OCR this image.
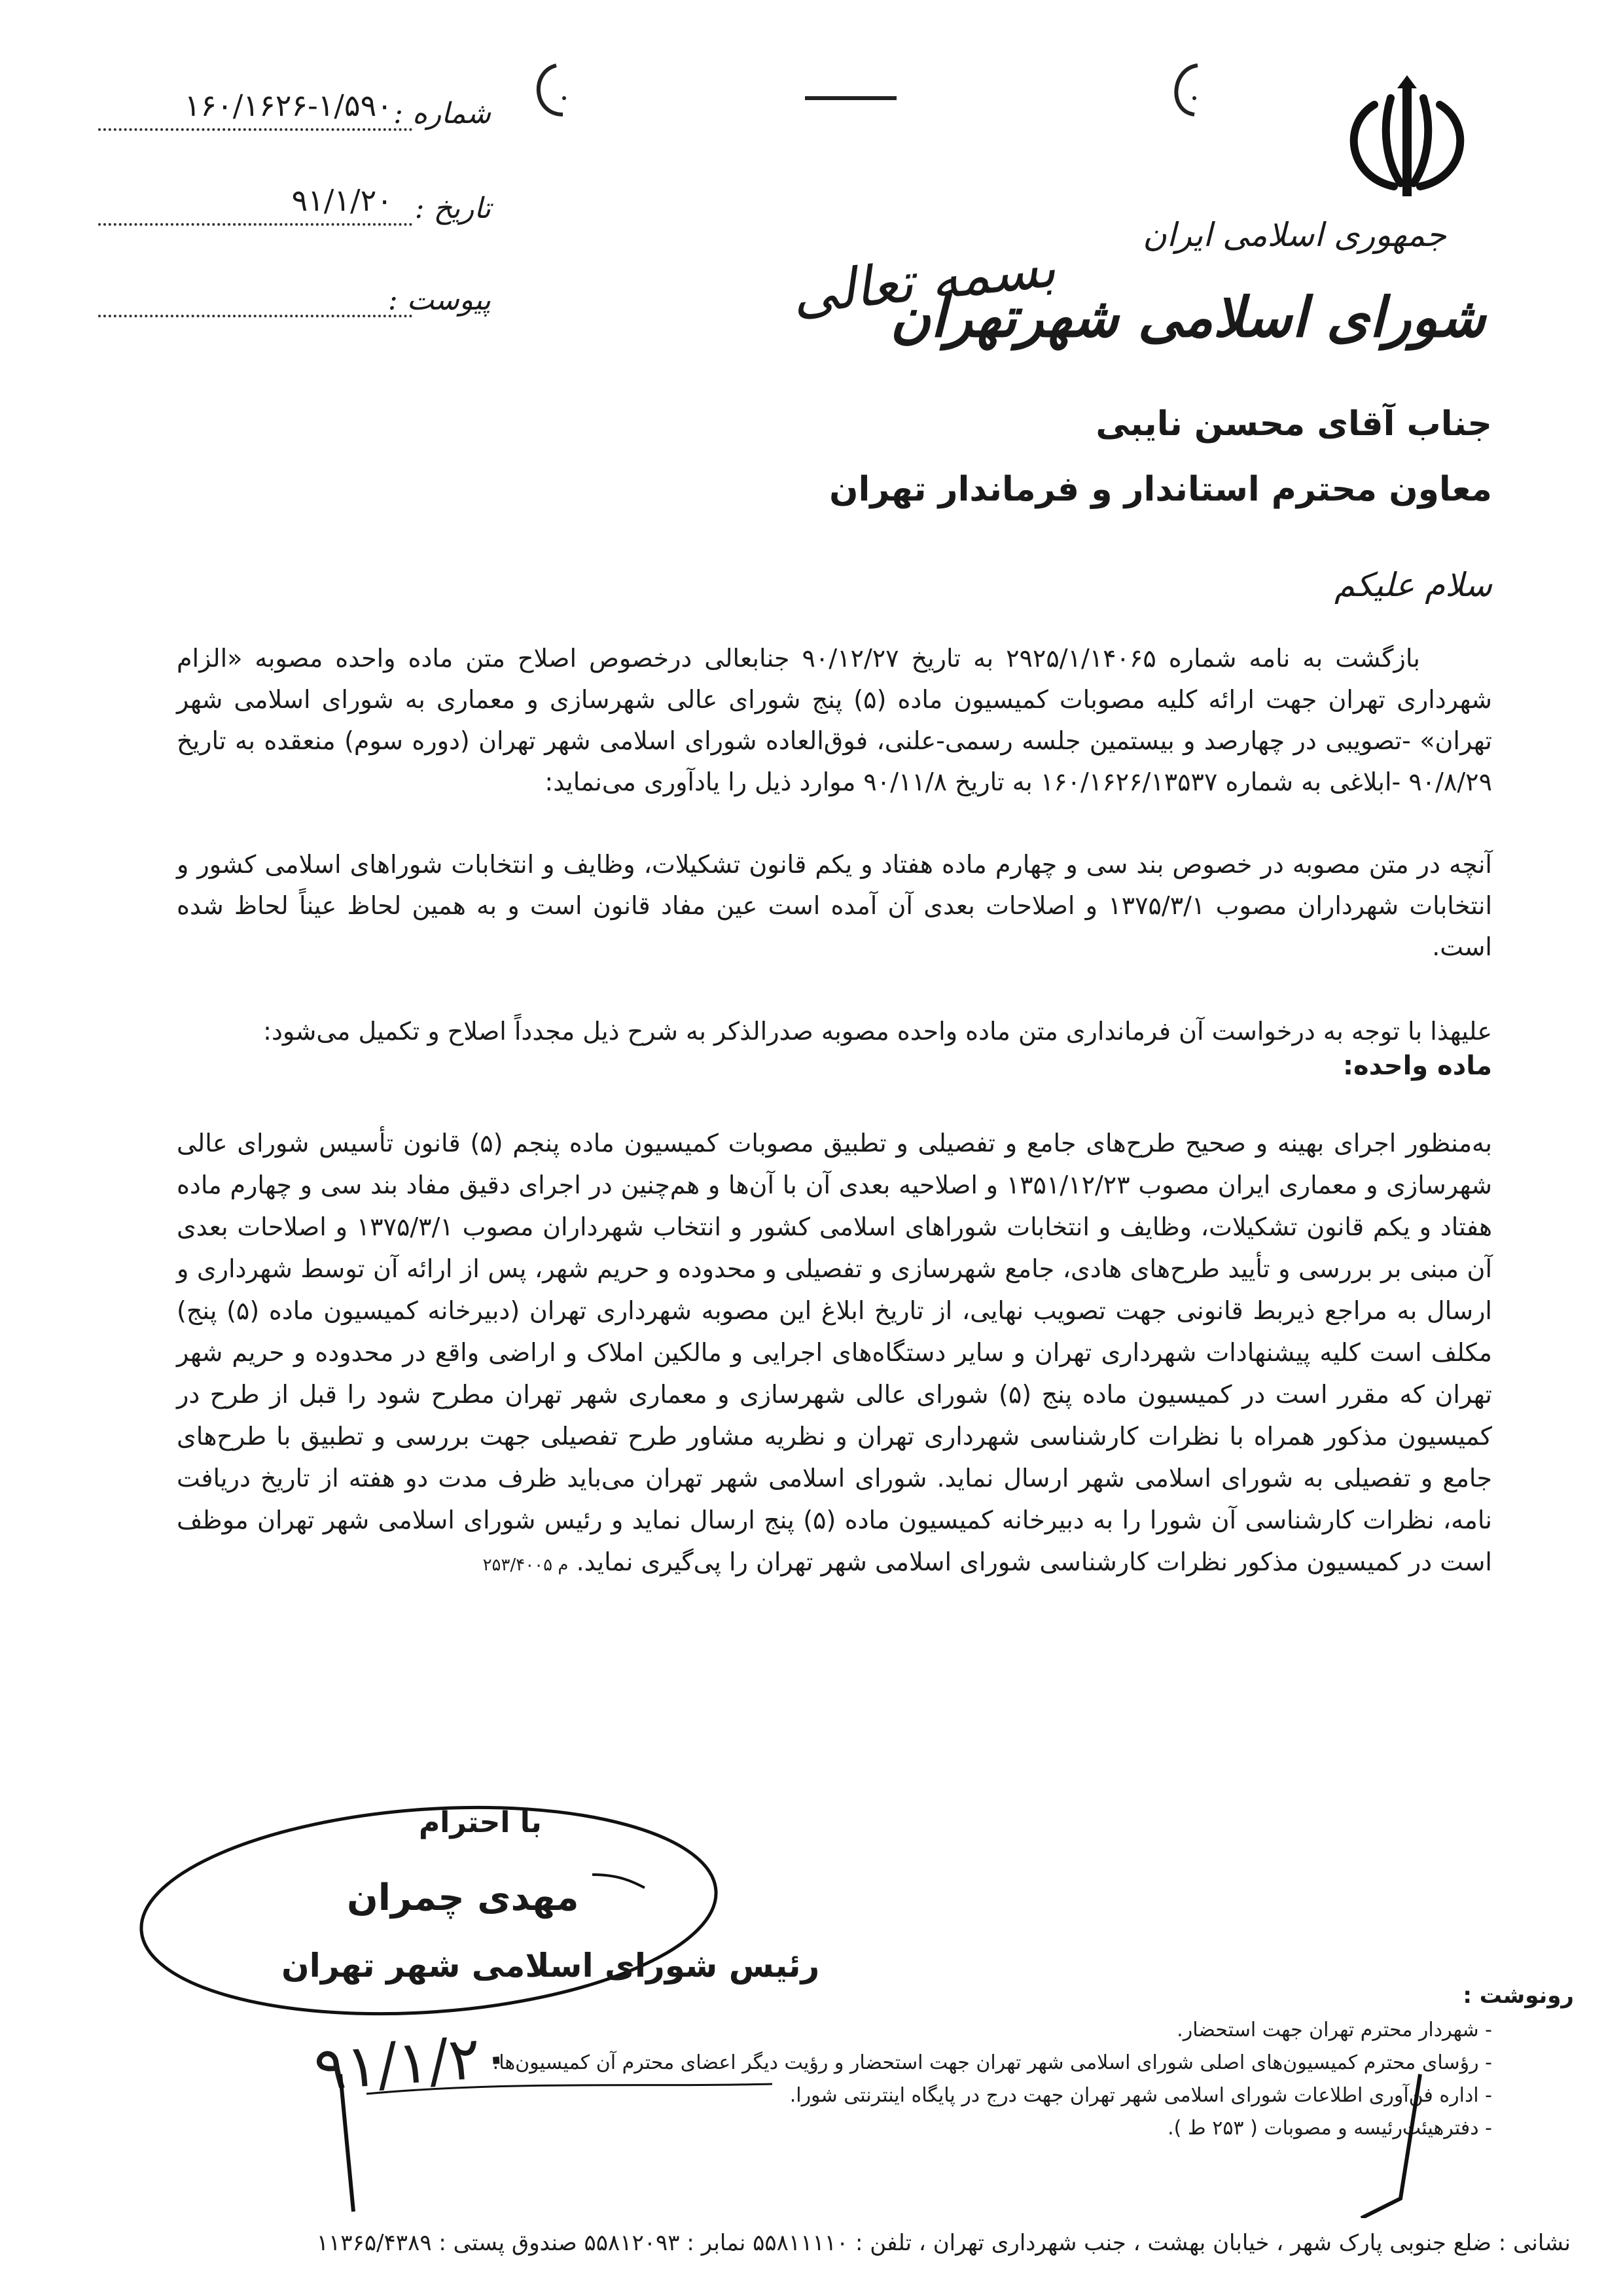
شماره :
۱۶۰/۱۶۲۶-۱/۵۹۰
تاریخ :
۹۱/۱/۲۰
پیوست :
جمهوری اسلامی ایران
شورای اسلامی شهرتهران
بسمه تعالی
جناب آقای محسن نایبی
معاون محترم استاندار و فرماندار تهران
سلام علیکم

بازگشت به نامه شماره ۲۹۲۵/۱/۱۴۰۶۵ به تاریخ ۹۰/۱۲/۲۷ جنابعالی درخصوص اصلاح متن ماده واحده مصوبه «الزام شهرداری تهران جهت ارائه کلیه مصوبات کمیسیون ماده (۵) پنج شورای عالی شهرسازی و معماری به شورای اسلامی شهر تهران» -تصویبی در چهارصد و بیستمین جلسه رسمی-علنی، فوق‌العاده شورای اسلامی شهر تهران (دوره سوم) منعقده به تاریخ ۹۰/۸/۲۹ -ابلاغی به شماره ۱۶۰/۱۶۲۶/۱۳۵۳۷ به تاریخ ۹۰/۱۱/۸ موارد ذیل را یادآوری می‌نماید:

آنچه در متن مصوبه در خصوص بند سی و چهارم ماده هفتاد و یکم قانون تشکیلات، وظایف و انتخابات شوراهای اسلامی کشور و انتخابات شهرداران مصوب ۱۳۷۵/۳/۱ و اصلاحات بعدی آن آمده است عین مفاد قانون است و به همین لحاظ عیناً لحاظ شده است.

علیهذا با توجه به درخواست آن فرمانداری متن ماده واحده مصوبه صدرالذکر به شرح ذیل مجدداً اصلاح و تکمیل می‌شود:

ماده واحده:

به‌منظور اجرای بهینه و صحیح طرح‌های جامع و تفصیلی و تطبیق مصوبات کمیسیون ماده پنجم (۵) قانون تأسیس شورای عالی شهرسازی و معماری ایران مصوب ۱۳۵۱/۱۲/۲۳ و اصلاحیه بعدی آن با آن‌ها و هم‌چنین در اجرای دقیق مفاد بند سی و چهارم ماده هفتاد و یکم قانون تشکیلات، وظایف و انتخابات شوراهای اسلامی کشور و انتخاب شهرداران مصوب ۱۳۷۵/۳/۱ و اصلاحات بعدی آن مبنی بر بررسی و تأیید طرح‌های هادی، جامع شهرسازی و تفصیلی و محدوده و حریم شهر، پس از ارائه آن توسط شهرداری و ارسال به مراجع ذیربط قانونی جهت تصویب نهایی، از تاریخ ابلاغ این مصوبه شهرداری تهران (دبیرخانه کمیسیون ماده (۵) پنج) مکلف است کلیه پیشنهادات شهرداری تهران و سایر دستگاه‌های اجرایی و مالکین املاک و اراضی واقع در محدوده و حریم شهر تهران که مقرر است در کمیسیون ماده پنج (۵) شورای عالی شهرسازی و معماری شهر تهران مطرح شود را قبل از طرح در کمیسیون مذکور همراه با نظرات کارشناسی شهرداری تهران و نظریه مشاور طرح تفصیلی جهت بررسی و تطبیق با طرح‌های جامع و تفصیلی به شورای اسلامی شهر ارسال نماید. شورای اسلامی شهر تهران می‌باید ظرف مدت دو هفته از تاریخ دریافت نامه، نظرات کارشناسی آن شورا را به دبیرخانه کمیسیون ماده (۵) پنج ارسال نماید و رئیس شورای اسلامی شهر تهران موظف است در کمیسیون مذکور نظرات کارشناسی شورای اسلامی شهر تهران را پی‌گیری نماید. م ۲۵۳/۴۰۰۵

با احترام
مهدی چمران
رئیس شورای اسلامی شهر تهران
رونوشت :
- شهردار محترم تهران جهت استحضار.
- رؤسای محترم کمیسیون‌های اصلی شورای اسلامی شهر تهران جهت استحضار و رؤیت دیگر اعضای محترم آن کمیسیون‌ها.
- اداره فن‌آوری اطلاعات شورای اسلامی شهر تهران جهت درج در پایگاه اینترنتی شورا.
- دفترهیئت‌رئیسه و مصوبات ( ۲۵۳ ط ).
۹۱/۱/۲۰
نشانی : ضلع جنوبی پارک شهر ، خیابان بهشت ، جنب شهرداری تهران ، تلفن : ۵۵۸۱۱۱۱۰ نمابر : ۵۵۸۱۲۰۹۳ صندوق پستی : ۱۱۳۶۵/۴۳۸۹
